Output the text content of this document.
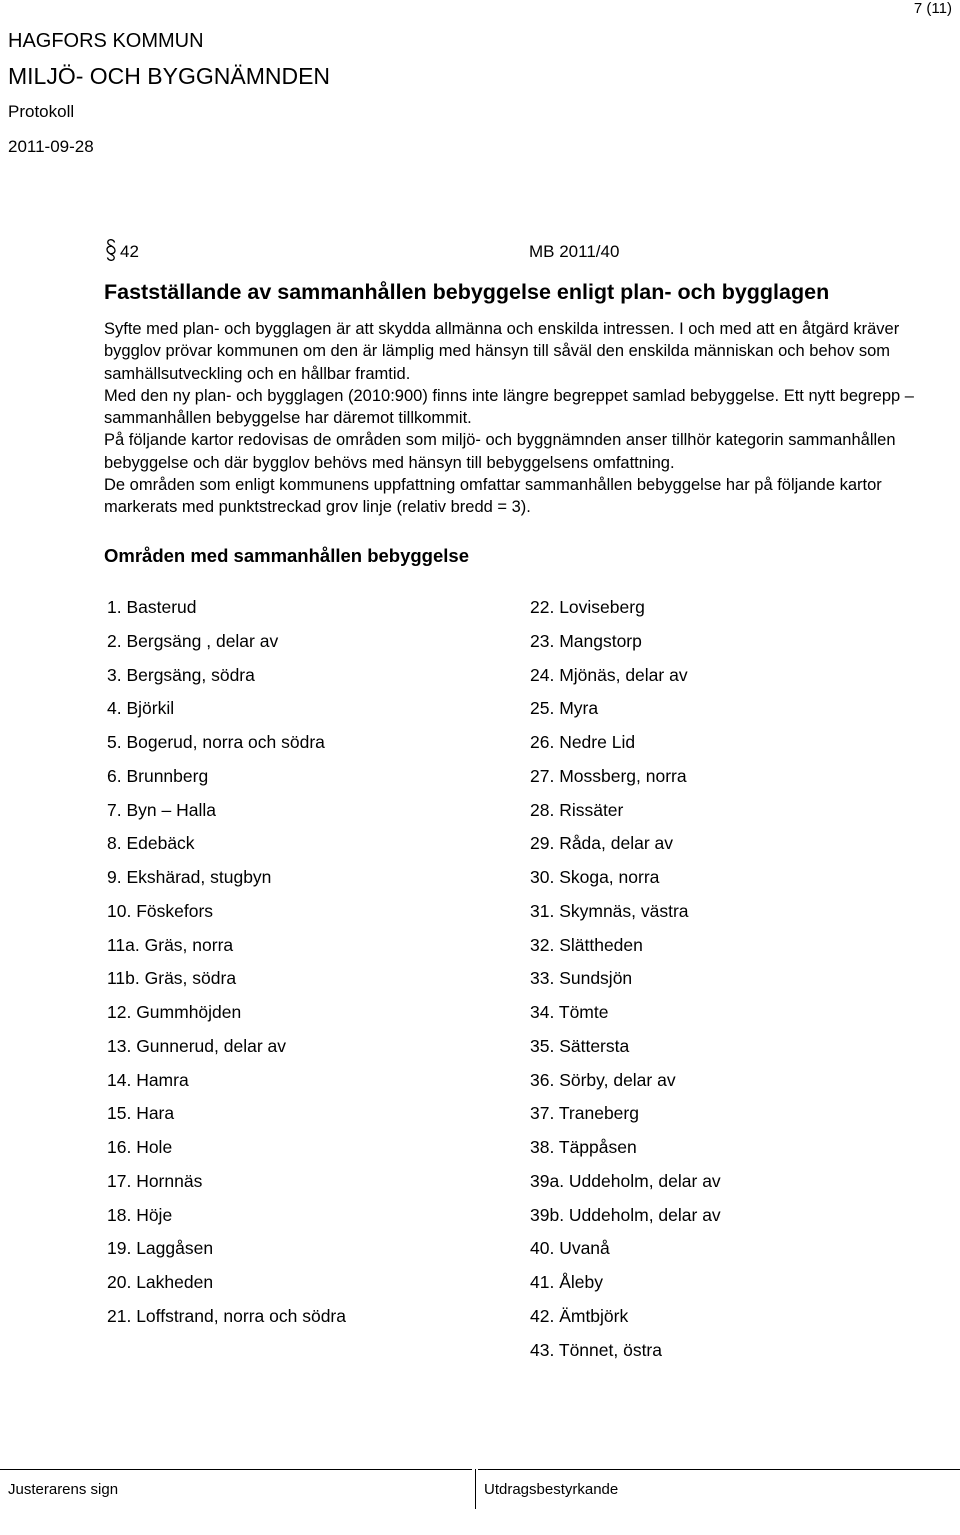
7 (11)
HAGFORS KOMMUN
MILJÖ- OCH BYGGNÄMNDEN
Protokoll
2011-09-28
42	MB 2011/40
Fastställande av sammanhållen bebyggelse enligt plan- och bygglagen

Syfte med plan- och bygglagen är att skydda allmänna och enskilda intressen. I och med att en åtgärd kräver bygglov prövar kommunen om den är lämplig med hänsyn till såväl den enskilda människan och behov som samhällsutveckling och en hållbar framtid.

Med den ny plan- och bygglagen (2010:900) finns inte längre begreppet samlad bebyggelse. Ett nytt begrepp – sammanhållen bebyggelse har däremot tillkommit.

På följande kartor redovisas de områden som miljö- och byggnämnden anser tillhör kategorin sammanhållen bebyggelse och där bygglov behövs med hänsyn till bebyggelsens omfattning.

De områden som enligt kommunens uppfattning omfattar sammanhållen bebyggelse har på följande kartor markerats med punktstreckad grov linje (relativ bredd = 3).

Områden med sammanhållen bebyggelse
1. Basterud
2. Bergsäng , delar av
3. Bergsäng, södra
4. Björkil
5. Bogerud, norra och södra
6. Brunnberg
7. Byn – Halla
8. Edebäck
9. Ekshärad, stugbyn
10. Föskefors
11a. Gräs, norra
11b. Gräs, södra
12. Gummhöjden
13. Gunnerud, delar av
14. Hamra
15. Hara
16. Hole
17. Hornnäs
18. Höje
19. Laggåsen
20. Lakheden
21. Loffstrand, norra och södra
22. Loviseberg
23. Mangstorp
24. Mjönäs, delar av
25. Myra
26. Nedre Lid
27. Mossberg, norra
28. Rissäter
29. Råda, delar av
30. Skoga, norra
31. Skymnäs, västra
32. Slättheden
33. Sundsjön
34. Tömte
35. Sättersta
36. Sörby, delar av
37. Traneberg
38. Täppåsen
39a. Uddeholm, delar av
39b. Uddeholm, delar av
40. Uvanå
41. Åleby
42. Ämtbjörk
43. Tönnet, östra
Justerarens sign	Utdragsbestyrkande
